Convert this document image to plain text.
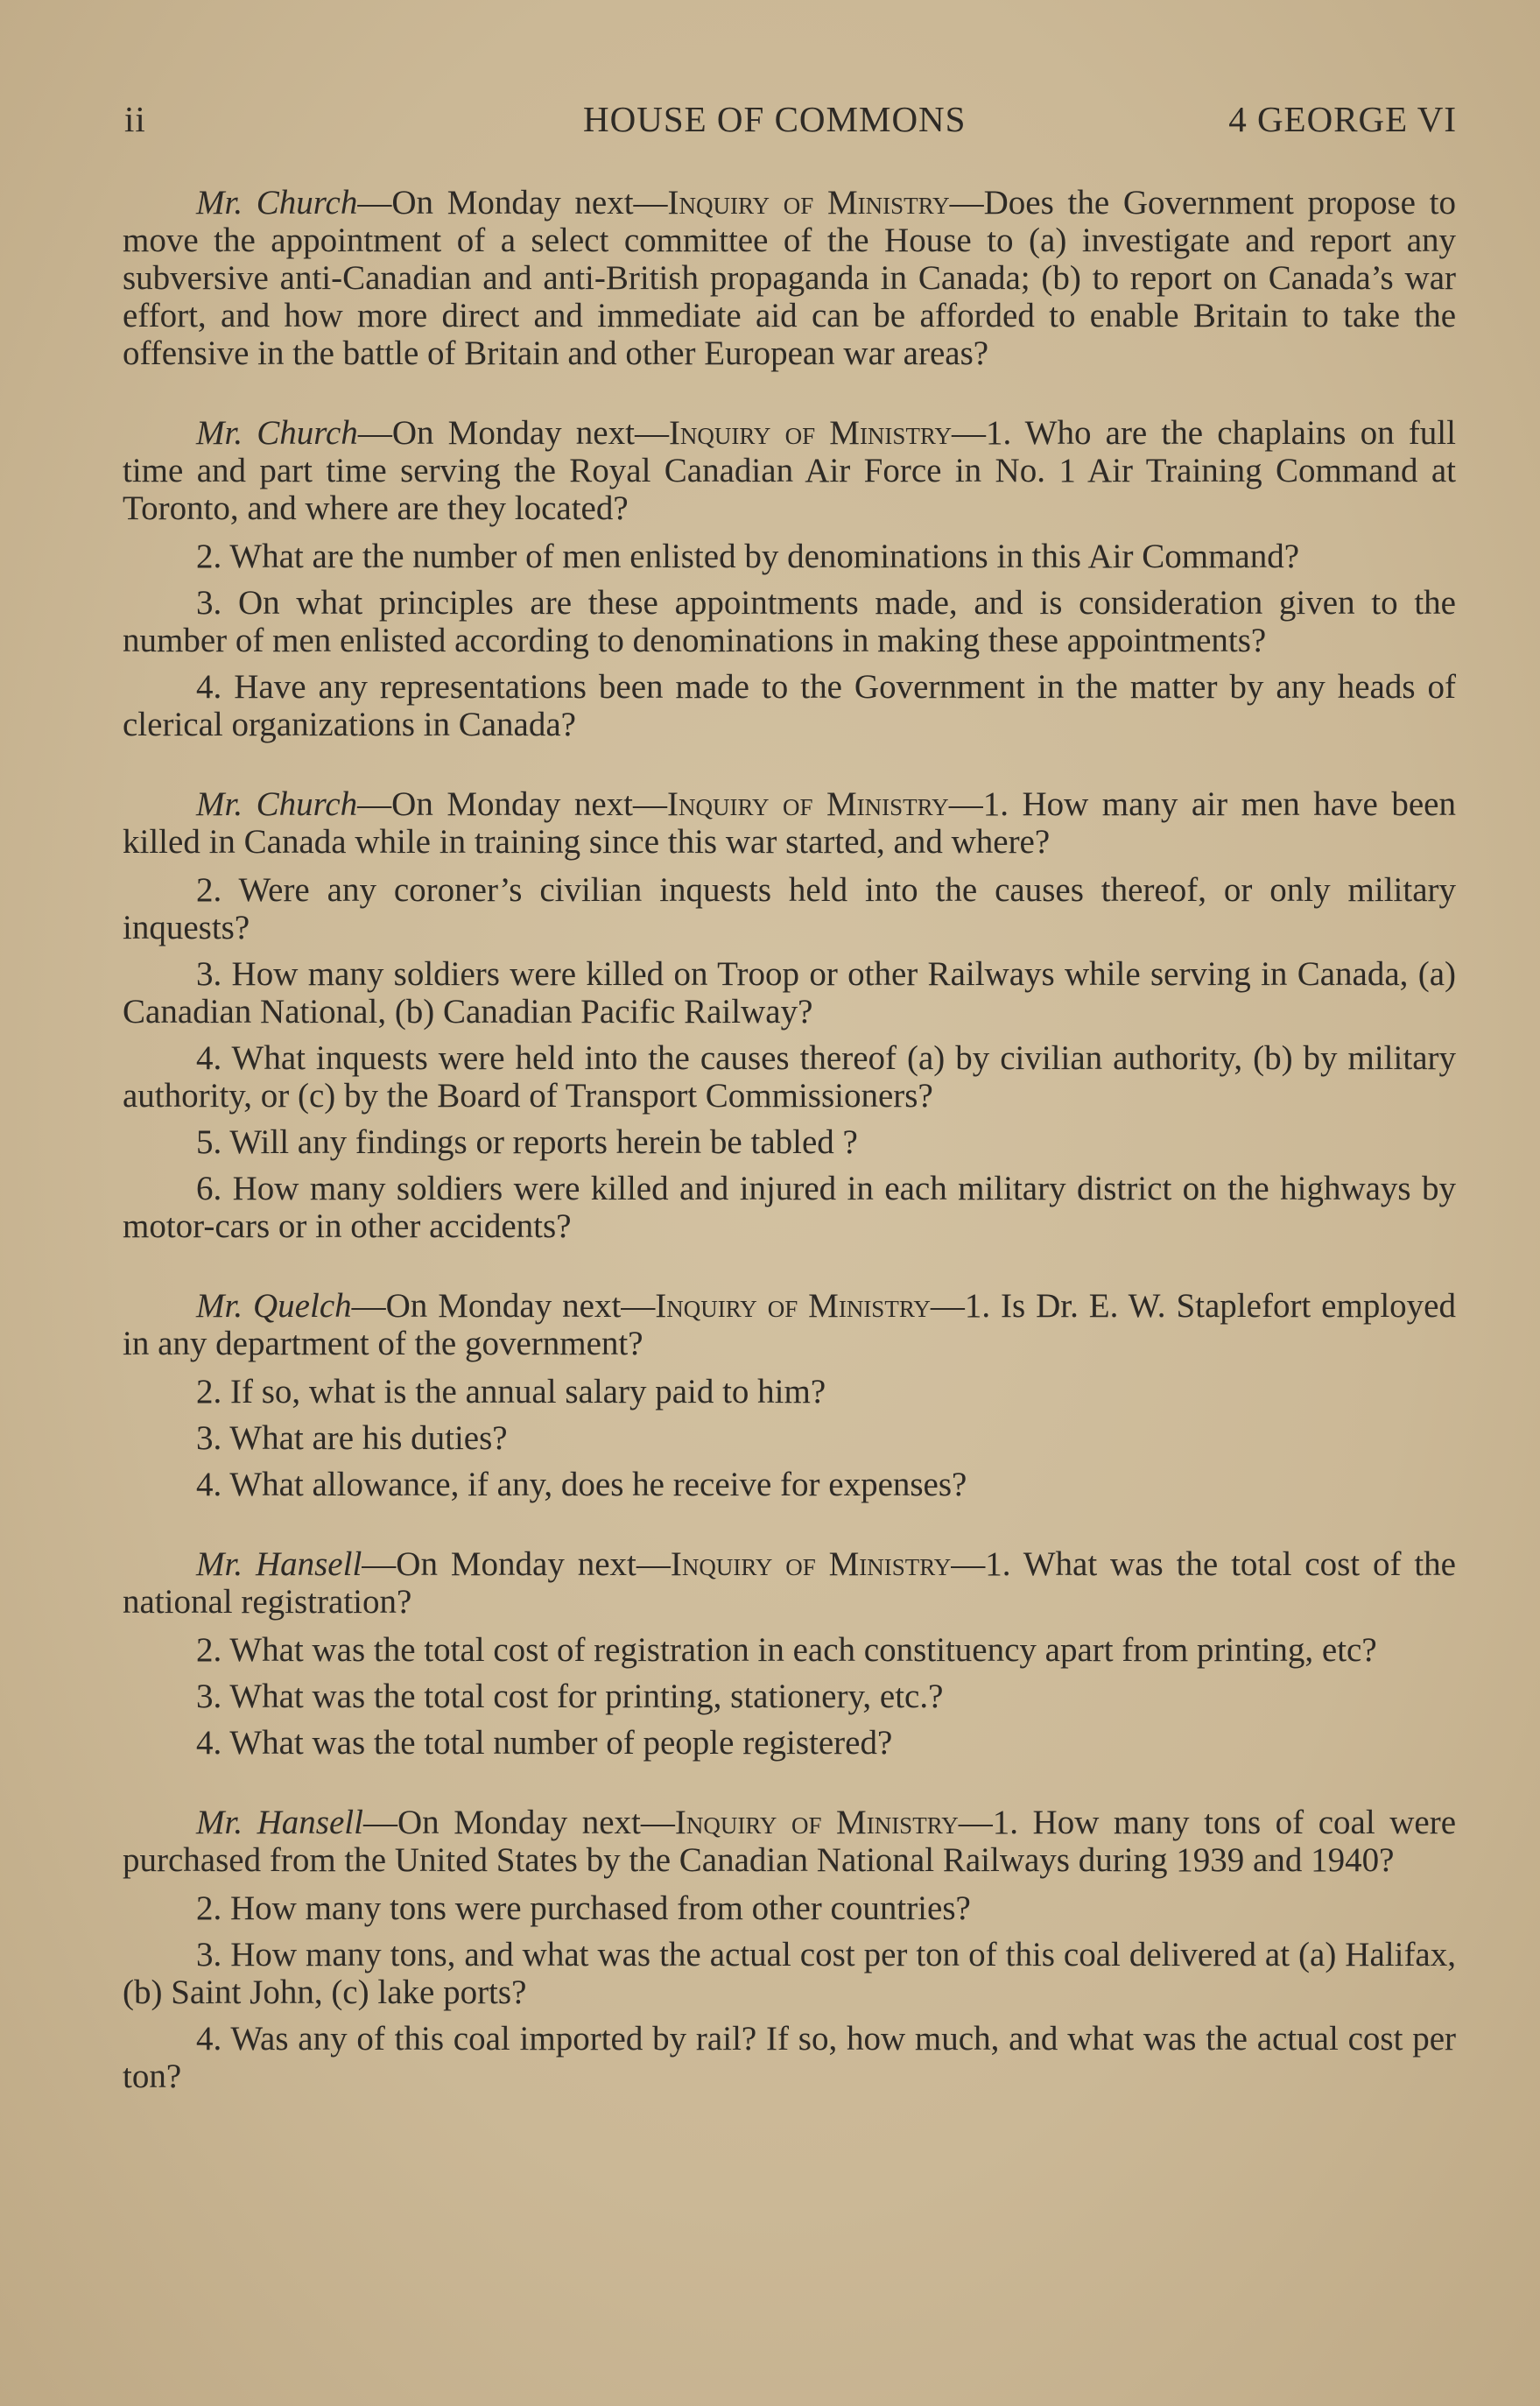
ii	HOUSE OF COMMONS	4 GEORGE VI

Mr. Church—On Monday next—Inquiry of Ministry—Does the Government propose to move the appointment of a select committee of the House to (a) investigate and report any subversive anti-Canadian and anti-British propaganda in Canada; (b) to report on Canada’s war effort, and how more direct and immediate aid can be afforded to enable Britain to take the offensive in the battle of Britain and other European war areas?

Mr. Church—On Monday next—Inquiry of Ministry—1. Who are the chaplains on full time and part time serving the Royal Canadian Air Force in No. 1 Air Training Command at Toronto, and where are they located?

2. What are the number of men enlisted by denominations in this Air Command?

3. On what principles are these appointments made, and is consideration given to the number of men enlisted according to denominations in making these appointments?

4. Have any representations been made to the Government in the matter by any heads of clerical organizations in Canada?

Mr. Church—On Monday next—Inquiry of Ministry—1. How many air men have been killed in Canada while in training since this war started, and where?

2. Were any coroner’s civilian inquests held into the causes thereof, or only military inquests?

3. How many soldiers were killed on Troop or other Railways while serving in Canada, (a) Canadian National, (b) Canadian Pacific Railway?

4. What inquests were held into the causes thereof (a) by civilian authority, (b) by military authority, or (c) by the Board of Transport Commissioners?

5. Will any findings or reports herein be tabled ?

6. How many soldiers were killed and injured in each military district on the highways by motor-cars or in other accidents?

Mr. Quelch—On Monday next—Inquiry of Ministry—1. Is Dr. E. W. Staplefort employed in any department of the government?

2. If so, what is the annual salary paid to him?

3. What are his duties?

4. What allowance, if any, does he receive for expenses?

Mr. Hansell—On Monday next—Inquiry of Ministry—1. What was the total cost of the national registration?

2. What was the total cost of registration in each constituency apart from printing, etc?

3. What was the total cost for printing, stationery, etc.?

4. What was the total number of people registered?

Mr. Hansell—On Monday next—Inquiry of Ministry—1. How many tons of coal were purchased from the United States by the Canadian National Railways during 1939 and 1940?

2. How many tons were purchased from other countries?

3. How many tons, and what was the actual cost per ton of this coal delivered at (a) Halifax, (b) Saint John, (c) lake ports?

4. Was any of this coal imported by rail? If so, how much, and what was the actual cost per ton?
